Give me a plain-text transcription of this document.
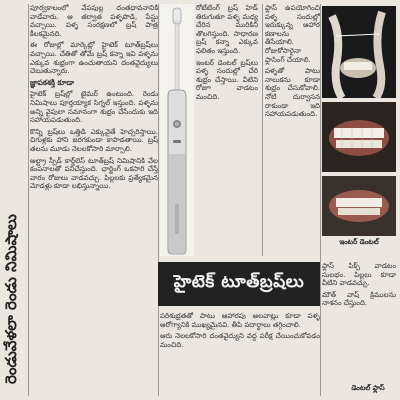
రెండువేళలా రెండు నిమిషాలు

పూర్వకాలంలో వేపపుల్ల దంతధావనానికి వాడేవారు. ఆ తర్వాత పళ్ళపొడి, పేస్టు వచ్చాయి. పళ్ళ సంరక్షణలో బ్రష్ పాత్ర కీలకమైనది.

ఈ రోజుల్లో మార్కెట్లో హైటెక్ టూత్‌బ్రష్‌లు వచ్చాయి. చేతితో తోమే బ్రష్ కన్నా ఇవి పళ్ళను ఎక్కువ శుభ్రంగా ఉంచుతాయని దంతవైద్యులు చెబుతున్నారు.

జ్ఞాపకశక్తి కూడా

హైటెక్ బ్రష్‌ల్లో టైమర్ ఉంటుంది. రెండు నిమిషాలు పూర్తయ్యాక సిగ్నల్ ఇస్తుంది. పళ్ళను అన్ని వైపులా సమానంగా శుభ్రం చేసేందుకు ఇది సహాయపడుతుంది.

కొన్ని బ్రష్‌లు ఒత్తిడి ఎక్కువైతే హెచ్చరిస్తాయి. చిగుళ్లకు హాని జరగకుండా కాపాడతాయి. బ్రష్ తలను మూడు నెలలకోసారి మార్చాలి.

అల్ట్రా స్పీడ్ కార్డ్‌లెస్ టూత్‌బ్రష్ నిమిషానికి వేల కంపనాలతో పనిచేస్తుంది. ఛార్జింగ్ ఒకసారి చేస్తే వారం రోజులు వాడవచ్చు. పిల్లలకు ప్రత్యేకమైన మోడళ్లు కూడా లభిస్తున్నాయి.

రోటేటింగ్ బ్రష్ హెడ్ తిరుగుతూ పళ్ళ మధ్య చేరిన మురికిని తొలగిస్తుంది. సాధారణ బ్రష్ కన్నా ఎక్కువ ఫలితం ఇస్తుంది.

ఇంటర్ డెంటల్ బ్రష్‌లు పళ్ళ సందుల్లో చేరి శుభ్రం చేస్తాయి. వీటిని రోజూ వాడటం మంచిది.

ఫ్లాస్ ఉపయోగించి పళ్ళ సందుల్లో ఇరుక్కున్న ఆహార కణాలను తీసేయాలి. రోజుకోసారైనా ఫ్లాసింగ్ చేయాలి.

పళ్ళతో పాటు నాలుకను కూడా శుభ్రం చేసుకోవాలి. నోటి దుర్వాసన రాకుండా ఇది సహాయపడుతుంది.

హైటెక్ టూత్‌బ్రష్‌లు

పరిశుభ్రతతో పాటు ఆహారపు అలవాట్లు కూడా పళ్ళ ఆరోగ్యానికి ముఖ్యమైనవి. తీపి పదార్థాలు తగ్గించాలి.

ఆరు నెలలకోసారి దంతవైద్యుని వద్ద పరీక్ష చేయించుకోవడం మంచిది.

ఇంటర్ డెంటల్

ఫ్లాస్ పిక్స్ వాడటం సులభం. పిల్లలు కూడా వీటిని వాడవచ్చు.

మౌత్ వాష్ క్రిములను నాశనం చేస్తుంది.

డెంటల్ ఫ్లాస్
